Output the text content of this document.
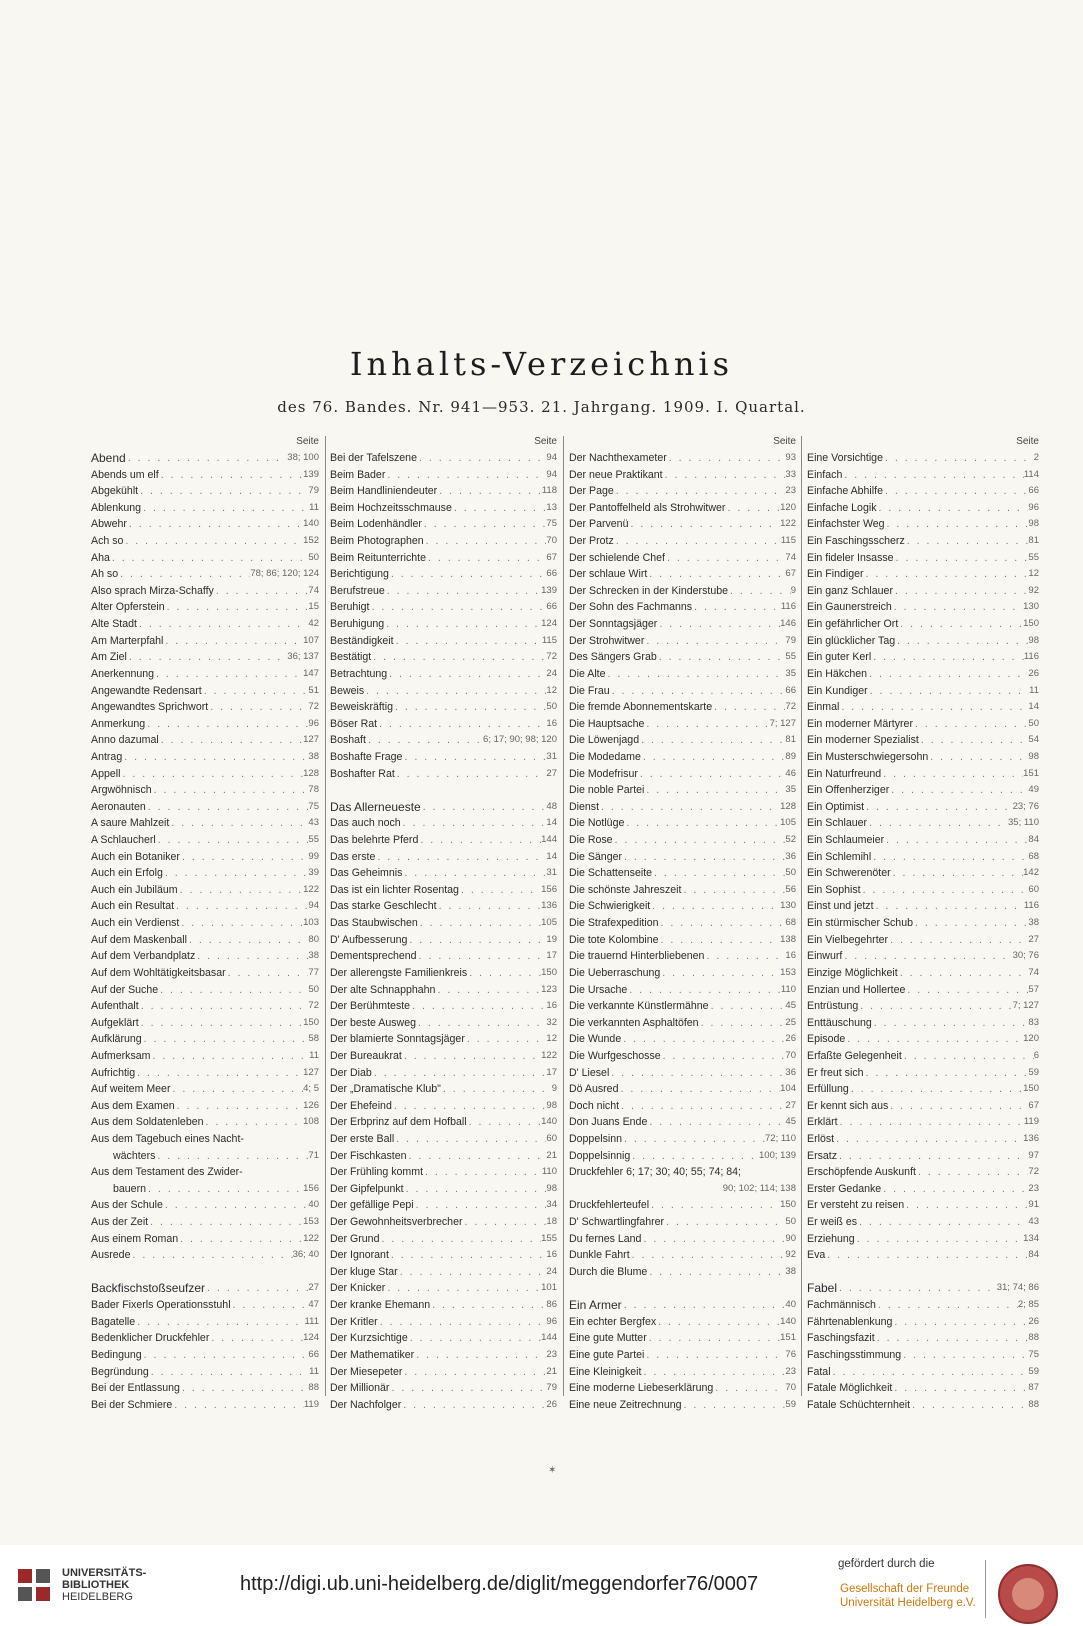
Inhalts-Verzeichnis
des 76. Bandes. Nr. 941—953. 21. Jahrgang. 1909. I. Quartal.
Seite
Abend . . .	38; 100
Abends um elf . . .	139
Abgekühlt . . .	79
Ablenkung . . .	11
Abwehr . . .	140
Ach so . . .	152
Aha . . .	50
Ah so . . .	78; 86; 120; 124
Also sprach Mirza-Schaffy . . .	74
Alter Opferstein . . .	15
Alte Stadt . . .	42
Am Marterpfahl . . .	107
Am Ziel . . .	36; 137
Anerkennung . . .	147
Angewandte Redensart . . .	51
Angewandtes Sprichwort . . .	72
Anmerkung . . .	96
Anno dazumal . . .	127
Antrag . . .	38
Appell . . .	128
Argwöhnisch . . .	78
Aeronauten . . .	75
A saure Mahlzeit . . .	43
A Schlaucherl . . .	55
Auch ein Botaniker . . .	99
Auch ein Erfolg . . .	39
Auch ein Jubiläum . . .	122
Auch ein Resultat . . .	94
Auch ein Verdienst . . .	103
Auf dem Maskenball . . .	80
Auf dem Verbandplatz . . .	38
Auf dem Wohltätigkeitsbasar . . .	77
Auf der Suche . . .	50
Aufenthalt . . .	72
Aufgeklärt . . .	150
Aufklärung . . .	58
Aufmerksam . . .	11
Aufrichtig . . .	127
Auf weitem Meer . . .	4; 5
Aus dem Examen . . .	126
Aus dem Soldatenleben . . .	108
Aus dem Tagebuch eines Nacht-
wächters . . .	71
Aus dem Testament des Zwider-
bauern . . .	156
Aus der Schule . . .	40
Aus der Zeit . . .	153
Aus einem Roman . . .	122
Ausrede . . .	36; 40
Backfischstoßseufzer . . .	27
Bader Fixerls Operationsstuhl . . .	47
Bagatelle . . .	111
Bedenklicher Druckfehler . . .	124
Bedingung . . .	66
Begründung . . .	11
Bei der Entlassung . . .	88
Bei der Schmiere . . .	119
Seite
Bei der Tafelszene . . .	94
Beim Bader . . .	94
Beim Handliniendeuter . . .	118
Beim Hochzeitsschmause . . .	13
Beim Lodenhändler . . .	75
Beim Photographen . . .	70
Beim Reitunterrichte . . .	67
Berichtigung . . .	66
Berufstreue . . .	139
Beruhigt . . .	66
Beruhigung . . .	124
Beständigkeit . . .	115
Bestätigt . . .	72
Betrachtung . . .	24
Beweis . . .	12
Beweiskräftig . . .	50
Böser Rat . . .	16
Boshaft . . .	6; 17; 90; 98; 120
Boshafte Frage . . .	31
Boshafter Rat . . .	27
Das Allerneueste . . .	48
Das auch noch . . .	14
Das belehrte Pferd . . .	144
Das erste . . .	14
Das Geheimnis . . .	31
Das ist ein lichter Rosentag . . .	156
Das starke Geschlecht . . .	136
Das Staubwischen . . .	105
D' Aufbesserung . . .	19
Dementsprechend . . .	17
Der allerengste Familienkreis . . .	150
Der alte Schnapphahn . . .	123
Der Berühmteste . . .	16
Der beste Ausweg . . .	32
Der blamierte Sonntagsjäger . . .	12
Der Bureaukrat . . .	122
Der Diab . . .	17
Der „Dramatische Klub" . . .	9
Der Ehefeind . . .	98
Der Erbprinz auf dem Hofball . . .	140
Der erste Ball . . .	60
Der Fischkasten . . .	21
Der Frühling kommt . . .	110
Der Gipfelpunkt . . .	98
Der gefällige Pepi . . .	34
Der Gewohnheitsverbrecher . . .	18
Der Grund . . .	155
Der Ignorant . . .	16
Der kluge Star . . .	24
Der Knicker . . .	101
Der kranke Ehemann . . .	86
Der Kritler . . .	96
Der Kurzsichtige . . .	144
Der Mathematiker . . .	23
Der Miesepeter . . .	21
Der Millionär . . .	79
Der Nachfolger . . .	26
Seite
Der Nachthexameter . . .	93
Der neue Praktikant . . .	33
Der Page . . .	23
Der Pantoffelheld als Strohwitwer . . .	120
Der Parvenü . . .	122
Der Protz . . .	115
Der schielende Chef . . .	74
Der schlaue Wirt . . .	67
Der Schrecken in der Kinderstube . . .	9
Der Sohn des Fachmanns . . .	116
Der Sonntagsjäger . . .	146
Der Strohwitwer . . .	79
Des Sängers Grab . . .	55
Die Alte . . .	35
Die Frau . . .	66
Die fremde Abonnementskarte . . .	72
Die Hauptsache . . .	7; 127
Die Löwenjagd . . .	81
Die Modedame . . .	89
Die Modefrisur . . .	46
Die noble Partei . . .	35
Dienst . . .	128
Die Notlüge . . .	105
Die Rose . . .	52
Die Sänger . . .	36
Die Schattenseite . . .	50
Die schönste Jahreszeit . . .	56
Die Schwierigkeit . . .	130
Die Strafexpedition . . .	68
Die tote Kolombine . . .	138
Die trauernd Hinterbliebenen . . .	16
Die Ueberraschung . . .	153
Die Ursache . . .	110
Die verkannte Künstlermähne . . .	45
Die verkannten Asphaltöfen . . .	25
Die Wunde . . .	26
Die Wurfgeschosse . . .	70
D' Liesel . . .	36
Dö Ausred . . .	104
Doch nicht . . .	27
Don Juans Ende . . .	45
Doppelsinn . . .	72; 110
Doppelsinnig . . .	100; 139
Druckfehler 6; 17; 30; 40; 55; 74; 84;
90; 102; 114; 138
Druckfehlerteufel . . .	150
D' Schwartlingfahrer . . .	50
Du fernes Land . . .	90
Dunkle Fahrt . . .	92
Durch die Blume . . .	38
Ein Armer . . .	40
Ein echter Bergfex . . .	140
Eine gute Mutter . . .	151
Eine gute Partei . . .	76
Eine Kleinigkeit . . .	23
Eine moderne Liebeserklärung . . .	70
Eine neue Zeitrechnung . . .	59
Seite
Eine Vorsichtige . . .	2
Einfach . . .	114
Einfache Abhilfe . . .	66
Einfache Logik . . .	96
Einfachster Weg . . .	98
Ein Faschingsscherz . . .	81
Ein fideler Insasse . . .	55
Ein Findiger . . .	12
Ein ganz Schlauer . . .	92
Ein Gaunerstreich . . .	130
Ein gefährlicher Ort . . .	150
Ein glücklicher Tag . . .	98
Ein guter Kerl . . .	116
Ein Häkchen . . .	26
Ein Kundiger . . .	11
Einmal . . .	14
Ein moderner Märtyrer . . .	50
Ein moderner Spezialist . . .	54
Ein Musterschwiegersohn . . .	98
Ein Naturfreund . . .	151
Ein Offenherziger . . .	49
Ein Optimist . . .	23; 76
Ein Schlauer . . .	35; 110
Ein Schlaumeier . . .	84
Ein Schlemihl . . .	68
Ein Schwerenöter . . .	142
Ein Sophist . . .	60
Einst und jetzt . . .	116
Ein stürmischer Schub . . .	38
Ein Vielbegehrter . . .	27
Einwurf . . .	30; 76
Einzige Möglichkeit . . .	74
Enzian und Hollertee . . .	57
Entrüstung . . .	7; 127
Enttäuschung . . .	83
Episode . . .	120
Erfaßte Gelegenheit . . .	6
Er freut sich . . .	59
Erfüllung . . .	150
Er kennt sich aus . . .	67
Erklärt . . .	119
Erlöst . . .	136
Ersatz . . .	97
Erschöpfende Auskunft . . .	72
Erster Gedanke . . .	23
Er versteht zu reisen . . .	91
Er weiß es . . .	43
Erziehung . . .	134
Eva . . .	84
Fabel . . .	31; 74; 86
Fachmännisch . . .	2; 85
Fährtenablenkung . . .	26
Faschingsfazit . . .	88
Faschingsstimmung . . .	75
Fatal . . .	59
Fatale Möglichkeit . . .	87
Fatale Schüchternheit . . .	88
✶
UNIVERSITÄTS-
BIBLIOTHEK
HEIDELBERG
http://digi.ub.uni-heidelberg.de/diglit/meggendorfer76/0007
gefördert durch die
Gesellschaft der Freunde
Universität Heidelberg e.V.
